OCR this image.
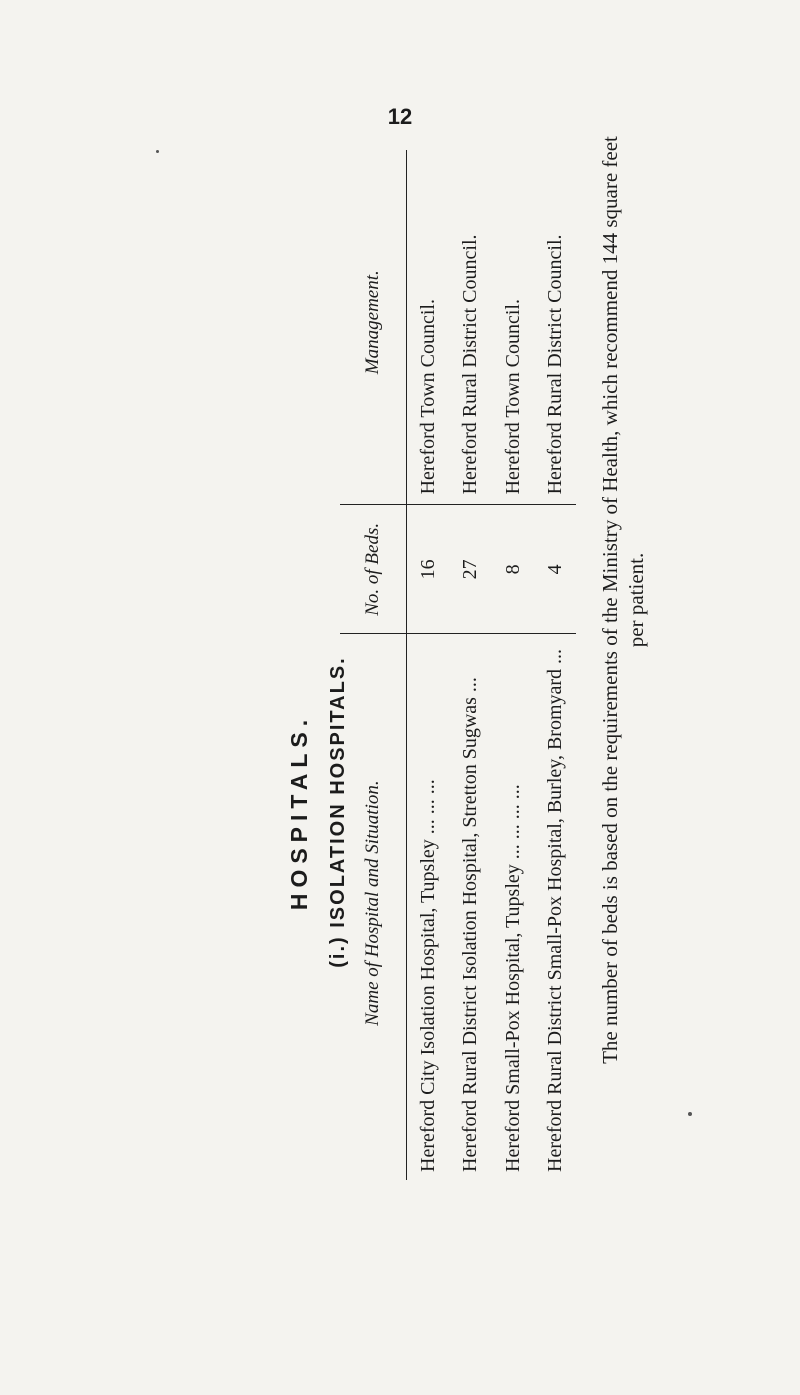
12
HOSPITALS. (i.) ISOLATION HOSPITALS. Name of Hospital and Situation.	No. of Beds.	Management.
Hereford City Isolation Hospital, Tupsley ... ... ...	16	Hereford Town Council.
Hereford Rural District Isolation Hospital, Stretton Sugwas ...	27	Hereford Rural District Council.
Hereford Small-Pox Hospital, Tupsley ... ... ... ...	8	Hereford Town Council.
Hereford Rural District Small-Pox Hospital, Burley, Bromyard ...	4	Hereford Rural District Council. The number of beds is based on the requirements of the Ministry of Health, which recommend 144 square feet per patient.
